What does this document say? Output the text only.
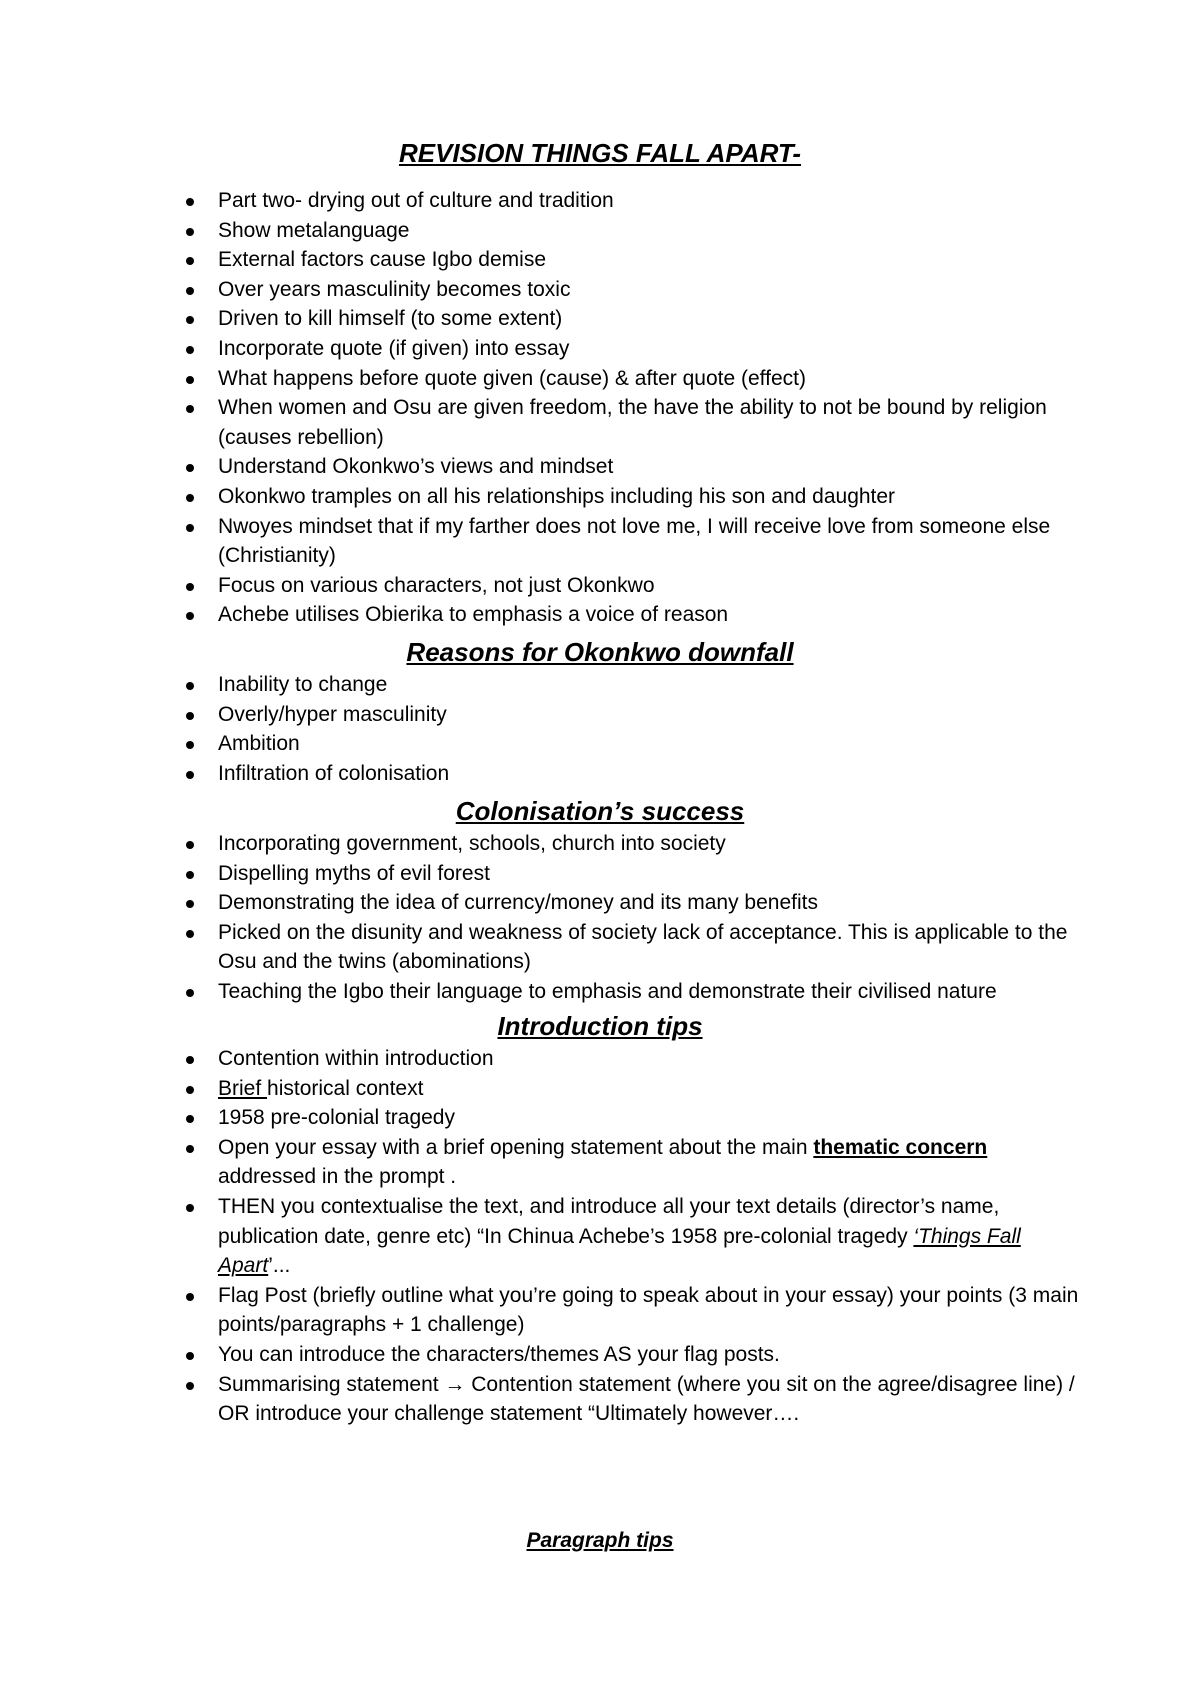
REVISION THINGS FALL APART-
Part two- drying out of culture and tradition
Show metalanguage
External factors cause Igbo demise
Over years masculinity becomes toxic
Driven to kill himself (to some extent)
Incorporate quote (if given) into essay
What happens before quote given (cause) & after quote (effect)
When women and Osu are given freedom, the have the ability to not be bound by religion (causes rebellion)
Understand Okonkwo’s views and mindset
Okonkwo tramples on all his relationships including his son and daughter
Nwoyes mindset that if my farther does not love me, I will receive love from someone else (Christianity)
Focus on various characters, not just Okonkwo
Achebe utilises Obierika to emphasis a voice of reason
Reasons for Okonkwo downfall
Inability to change
Overly/hyper masculinity
Ambition
Infiltration of colonisation
Colonisation’s success
Incorporating government, schools, church into society
Dispelling myths of evil forest
Demonstrating the idea of currency/money and its many benefits
Picked on the disunity and weakness of society lack of acceptance. This is applicable to the Osu and the twins (abominations)
Teaching the Igbo their language to emphasis and demonstrate their civilised nature
Introduction tips
Contention within introduction
Brief historical context
1958 pre-colonial tragedy
Open your essay with a brief opening statement about the main thematic concern addressed in the prompt .
THEN you contextualise the text, and introduce all your text details (director’s name, publication date, genre etc) “In Chinua Achebe’s 1958 pre-colonial tragedy ‘Things Fall Apart’...
Flag Post (briefly outline what you’re going to speak about in your essay) your points (3 main points/paragraphs + 1 challenge)
You can introduce the characters/themes AS your flag posts.
Summarising statement → Contention statement (where you sit on the agree/disagree line) / OR introduce your challenge statement “Ultimately however….
Paragraph tips
